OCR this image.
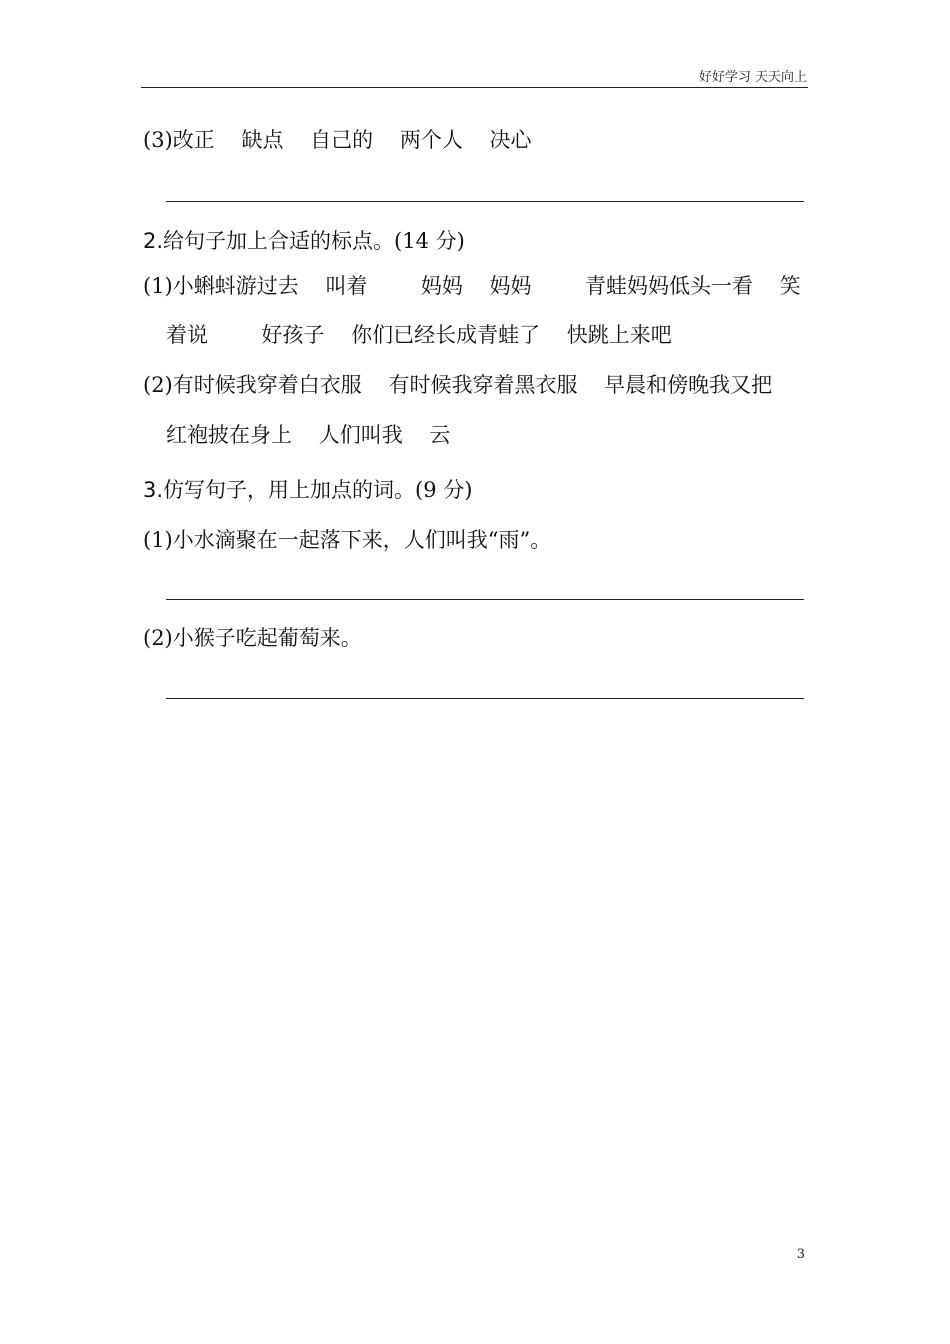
好好学习 天天向上
(3)改正    缺点    自己的    两个人    决心
2.给句子加上合适的标点。(14 分)
(1)小蝌蚪游过去    叫着        妈妈    妈妈        青蛙妈妈低头一看    笑
着说        好孩子    你们已经长成青蛙了    快跳上来吧
(2)有时候我穿着白衣服    有时候我穿着黑衣服    早晨和傍晚我又把
红袍披在身上    人们叫我    云
3.仿写句子，用上加点的词。(9 分)
(1)小水滴聚在一起落下来，人们叫我“雨”。
(2)小猴子吃起葡萄来。
3
